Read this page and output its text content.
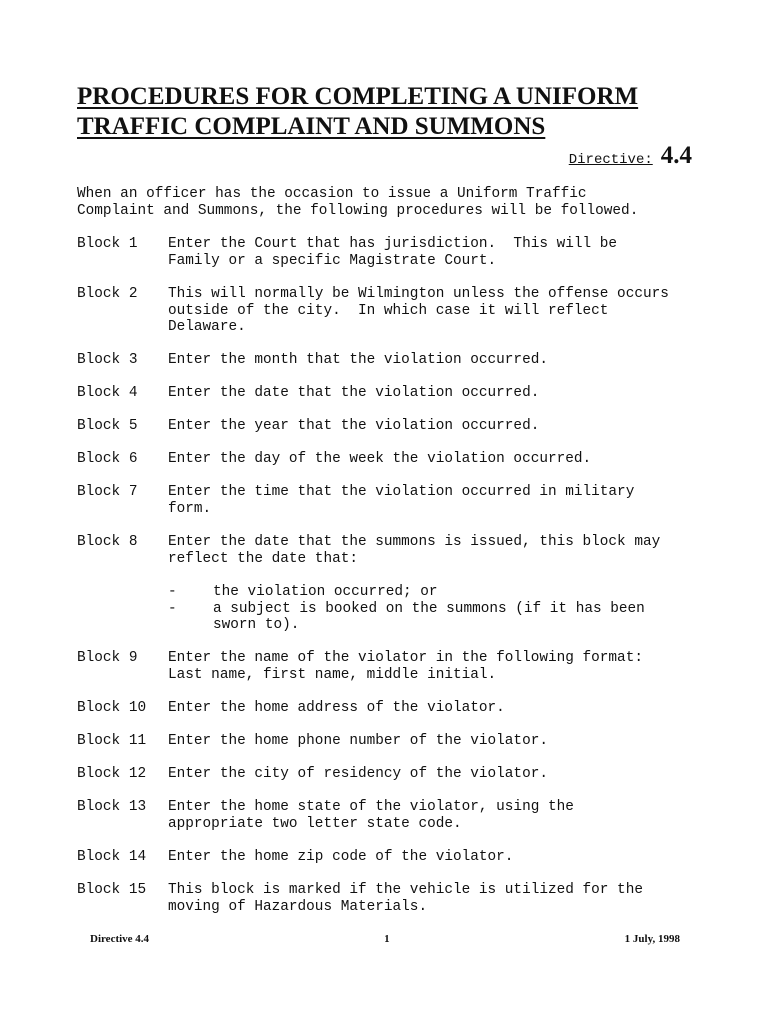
PROCEDURES FOR COMPLETING A UNIFORM
TRAFFIC COMPLAINT AND SUMMONS
Directive: 4.4

When an officer has the occasion to issue a Uniform Traffic
Complaint and Summons, the following procedures will be followed.

Block 1	Enter the Court that has jurisdiction.  This will be
Family or a specific Magistrate Court.
Block 2	This will normally be Wilmington unless the offense occurs
outside of the city.  In which case it will reflect
Delaware.
Block 3	Enter the month that the violation occurred.
Block 4	Enter the date that the violation occurred.
Block 5	Enter the year that the violation occurred.
Block 6	Enter the day of the week the violation occurred.
Block 7	Enter the time that the violation occurred in military
form.
Block 8	Enter the date that the summons is issued, this block may
reflect the date that:
-	the violation occurred; or
-	a subject is booked on the summons (if it has been
sworn to).
Block 9	Enter the name of the violator in the following format:
Last name, first name, middle initial.
Block 10	Enter the home address of the violator.
Block 11	Enter the home phone number of the violator.
Block 12	Enter the city of residency of the violator.
Block 13	Enter the home state of the violator, using the
appropriate two letter state code.
Block 14	Enter the home zip code of the violator.
Block 15	This block is marked if the vehicle is utilized for the
moving of Hazardous Materials.
Directive 4.4	1	1 July, 1998
